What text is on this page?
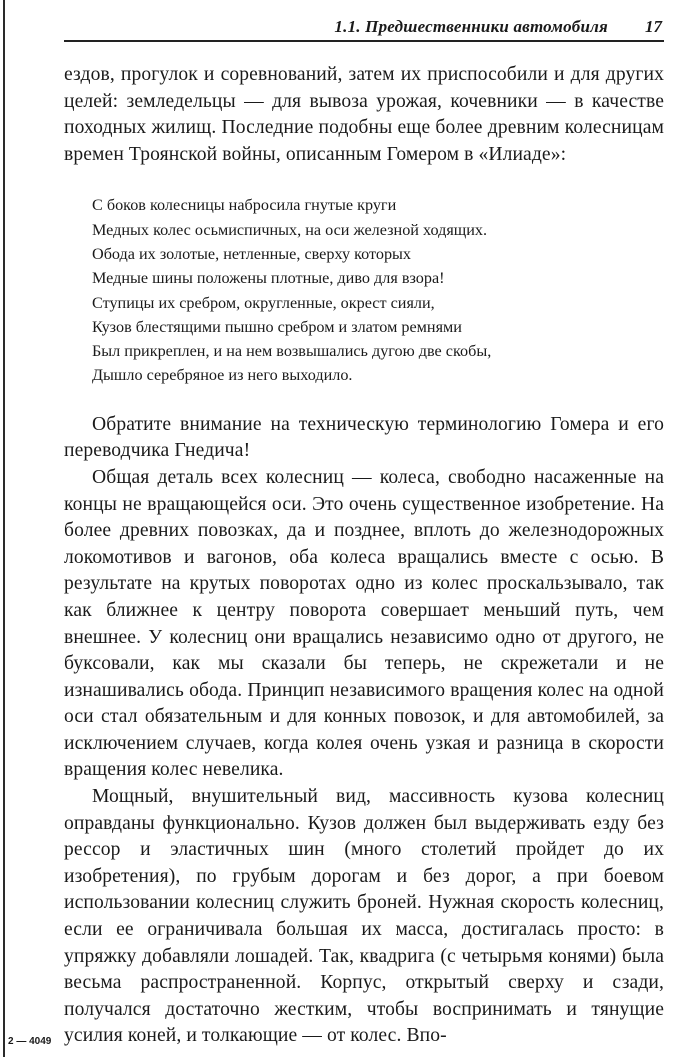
1.1. Предшественники автомобиля 17

ездов, прогулок и соревнований, затем их приспособили и для других целей: земледельцы — для вывоза урожая, кочевники — в качестве походных жилищ. Последние подобны еще более древним колесницам времен Троянской войны, описанным Гомером в «Илиаде»:

С боков колесницы набросила гнутые круги
Медных колес осьмиспичных, на оси железной ходящих.
Обода их золотые, нетленные, сверху которых
Медные шины положены плотные, диво для взора!
Ступицы их сребром, округленные, окрест сияли,
Кузов блестящими пышно сребром и златом ремнями
Был прикреплен, и на нем возвышались дугою две скобы,
Дышло серебряное из него выходило.

Обратите внимание на техническую терминологию Гомера и его переводчика Гнедича!

Общая деталь всех колесниц — колеса, свободно насаженные на концы не вращающейся оси. Это очень существенное изобретение. На более древних повозках, да и позднее, вплоть до железнодорожных локомотивов и вагонов, оба колеса вращались вместе с осью. В результате на крутых поворотах одно из колес проскальзывало, так как ближнее к центру поворота совершает меньший путь, чем внешнее. У колесниц они вращались независимо одно от другого, не буксовали, как мы сказали бы теперь, не скрежетали и не изнашивались обода. Принцип независимого вращения колес на одной оси стал обязательным и для конных повозок, и для автомобилей, за исключением случаев, когда колея очень узкая и разница в скорости вращения колес невелика.

Мощный, внушительный вид, массивность кузова колесниц оправданы функционально. Кузов должен был выдерживать езду без рессор и эластичных шин (много столетий пройдет до их изобретения), по грубым дорогам и без дорог, а при боевом использовании колесниц служить броней. Нужная скорость колесниц, если ее ограничивала большая их масса, достигалась просто: в упряжку добавляли лошадей. Так, квадрига (с четырьмя конями) была весьма распространенной. Корпус, открытый сверху и сзади, получался достаточно жестким, чтобы воспринимать и тянущие усилия коней, и толкающие — от колес. Впо-

2 — 4049
